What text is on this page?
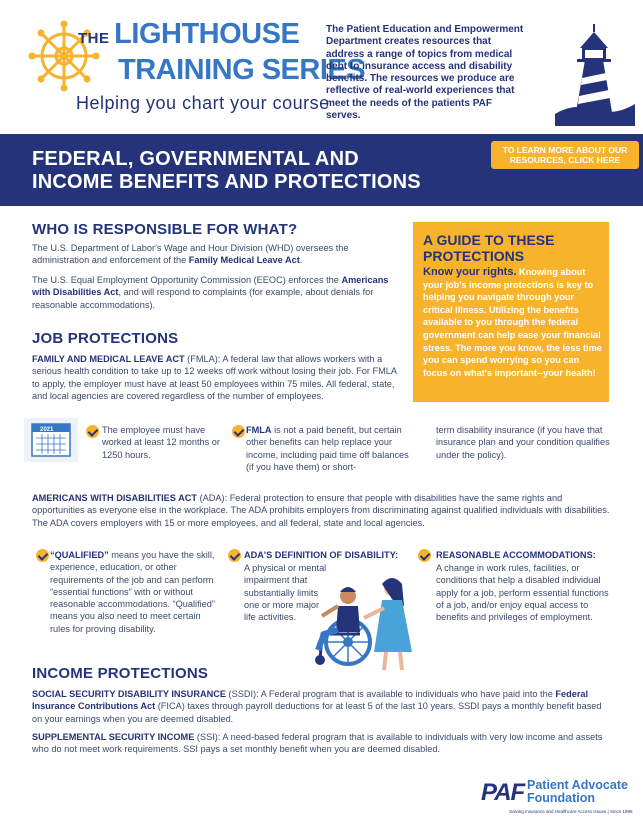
THE LIGHTHOUSE
TRAINING SERIES
Helping you chart your course
The Patient Education and Empowerment Department creates resources that address a range of topics from medical debt to insurance access and disability benefits. The resources we produce are reflective of real-world experiences that meet the needs of the patients PAF serves.
FEDERAL, GOVERNMENTAL AND
INCOME BENEFITS AND PROTECTIONS
TO LEARN MORE ABOUT OUR
RESOURCES, CLICK HERE
WHO IS RESPONSIBLE FOR WHAT?
The U.S. Department of Labor's Wage and Hour Division (WHD) oversees the administration and enforcement of the Family Medical Leave Act.
The U.S. Equal Employment Opportunity Commission (EEOC) enforces the Americans with Disabilities Act, and will respond to complaints (for example, about denials for reasonable accommodations).
A GUIDE TO THESE PROTECTIONS
Know your rights. Knowing about your job's income protections is key to helping you navigate through your critical illness. Utilizing the benefits available to you through the federal government can help ease your financial stress. The more you know, the less time you can spend worrying so you can focus on what's important--your health!
JOB PROTECTIONS
FAMILY AND MEDICAL LEAVE ACT (FMLA): A federal law that allows workers with a serious health condition to take up to 12 weeks off work without losing their job. For FMLA to apply, the employer must have at least 50 employees within 75 miles. All federal, state, and local agencies are covered regardless of the number of employees.
2021	The employee must have worked at least 12 months or 1250 hours.
FMLA is not a paid benefit, but certain other benefits can help replace your income, including paid time off balances (if you have them) or short-
term disability insurance (if you have that insurance plan and your condition qualifies under the policy).
AMERICANS WITH DISABILITIES ACT (ADA): Federal protection to ensure that people with disabilities have the same rights and opportunities as everyone else in the workplace. The ADA prohibits employers from discriminating against qualified individuals with disabilities. The ADA covers employers with 15 or more employees, and all federal, state and local agencies.
“QUALIFIED” means you have the skill, experience, education, or other requirements of the job and can perform “essential functions” with or without reasonable accommodations. “Qualified” means you also need to meet certain rules for proving disability.
ADA'S DEFINITION OF DISABILITY:
A physical or mental impairment that substantially limits one or more major life activities.
REASONABLE ACCOMMODATIONS:
A change in work rules, facilities, or conditions that help a disabled individual apply for a job, perform essential functions of a job, and/or enjoy equal access to benefits and privileges of employment.
INCOME PROTECTIONS
SOCIAL SECURITY DISABILITY INSURANCE (SSDI): A Federal program that is available to individuals who have paid into the Federal Insurance Contributions Act (FICA) taxes through payroll deductions for at least 5 of the last 10 years. SSDI pays a monthly benefit based on your earnings when you are deemed disabled.
SUPPLEMENTAL SECURITY INCOME (SSI): A need-based federal program that is available to individuals with very low income and assets who do not meet work requirements. SSI pays a set monthly benefit when you are deemed disabled.
PAF Patient Advocate
Foundation
Solving Insurance and Healthcare Access Issues | Since 1996
